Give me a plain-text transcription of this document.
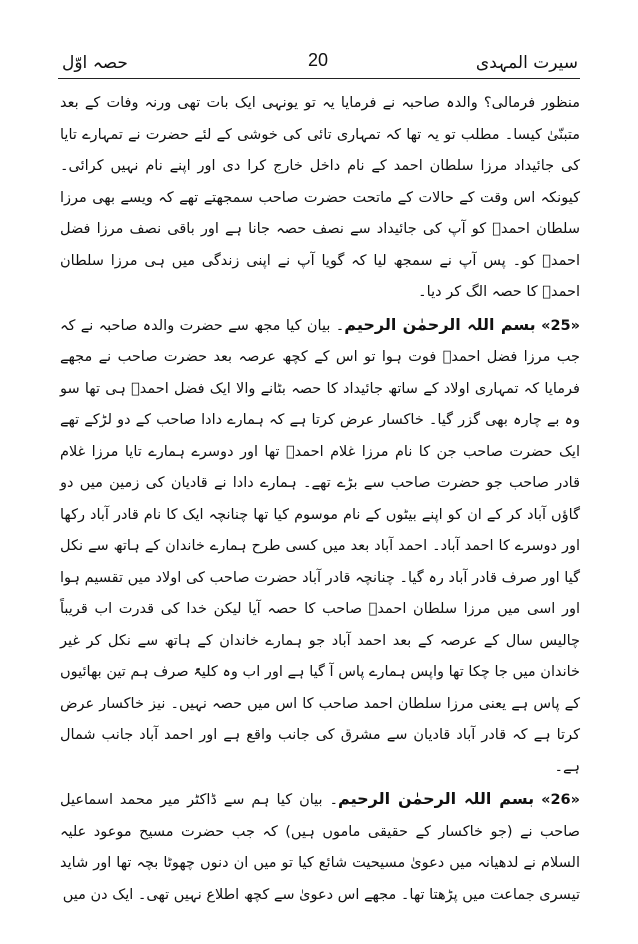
حصہ اوّل	20	سیرت المہدی

منظور فرمالی؟ والدہ صاحبہ نے فرمایا یہ تو یونہی ایک بات تھی ورنہ وفات کے بعد متبنّیٰ کیسا۔ مطلب تو یہ تھا کہ تمہاری تائی کی خوشی کے لئے حضرت نے تمہارے تایا کی جائیداد مرزا سلطان احمد کے نام داخل خارج کرا دی اور اپنے نام نہیں کرائی۔ کیونکہ اس وقت کے حالات کے ماتحت حضرت صاحب سمجھتے تھے کہ ویسے بھی مرزا سلطان احمدؐ کو آپ کی جائیداد سے نصف حصہ جانا ہے اور باقی نصف مرزا فضل احمدؐ کو۔ پس آپ نے سمجھ لیا کہ گویا آپ نے اپنی زندگی میں ہی مرزا سلطان احمدؐ کا حصہ الگ کر دیا۔

«25» بسم اللہ الرحمٰن الرحیم۔ بیان کیا مجھ سے حضرت والدہ صاحبہ نے کہ جب مرزا فضل احمدؐ فوت ہوا تو اس کے کچھ عرصہ بعد حضرت صاحب نے مجھے فرمایا کہ تمہاری اولاد کے ساتھ جائیداد کا حصہ بٹانے والا ایک فضل احمدؐ ہی تھا سو وہ بے چارہ بھی گزر گیا۔ خاکسار عرض کرتا ہے کہ ہمارے دادا صاحب کے دو لڑکے تھے ایک حضرت صاحب جن کا نام مرزا غلام احمدؐ تھا اور دوسرے ہمارے تایا مرزا غلام قادر صاحب جو حضرت صاحب سے بڑے تھے۔ ہمارے دادا نے قادیان کی زمین میں دو گاؤں آباد کر کے ان کو اپنے بیٹوں کے نام موسوم کیا تھا چنانچہ ایک کا نام قادر آباد رکھا اور دوسرے کا احمد آباد۔ احمد آباد بعد میں کسی طرح ہمارے خاندان کے ہاتھ سے نکل گیا اور صرف قادر آباد رہ گیا۔ چنانچہ قادر آباد حضرت صاحب کی اولاد میں تقسیم ہوا اور اسی میں مرزا سلطان احمدؐ صاحب کا حصہ آیا لیکن خدا کی قدرت اب قریباً چالیس سال کے عرصہ کے بعد احمد آباد جو ہمارے خاندان کے ہاتھ سے نکل کر غیر خاندان میں جا چکا تھا واپس ہمارے پاس آ گیا ہے اور اب وہ کلیۃً صرف ہم تین بھائیوں کے پاس ہے یعنی مرزا سلطان احمد صاحب کا اس میں حصہ نہیں۔ نیز خاکسار عرض کرتا ہے کہ قادر آباد قادیان سے مشرق کی جانب واقع ہے اور احمد آباد جانب شمال ہے۔

«26» بسم اللہ الرحمٰن الرحیم۔ بیان کیا ہم سے ڈاکٹر میر محمد اسماعیل صاحب نے (جو خاکسار کے حقیقی ماموں ہیں) کہ جب حضرت مسیح موعود علیہ السلام نے لدھیانہ میں دعویٰ مسیحیت شائع کیا تو میں ان دنوں چھوٹا بچہ تھا اور شاید تیسری جماعت میں پڑھتا تھا۔ مجھے اس دعویٰ سے کچھ اطلاع نہیں تھی۔ ایک دن میں
